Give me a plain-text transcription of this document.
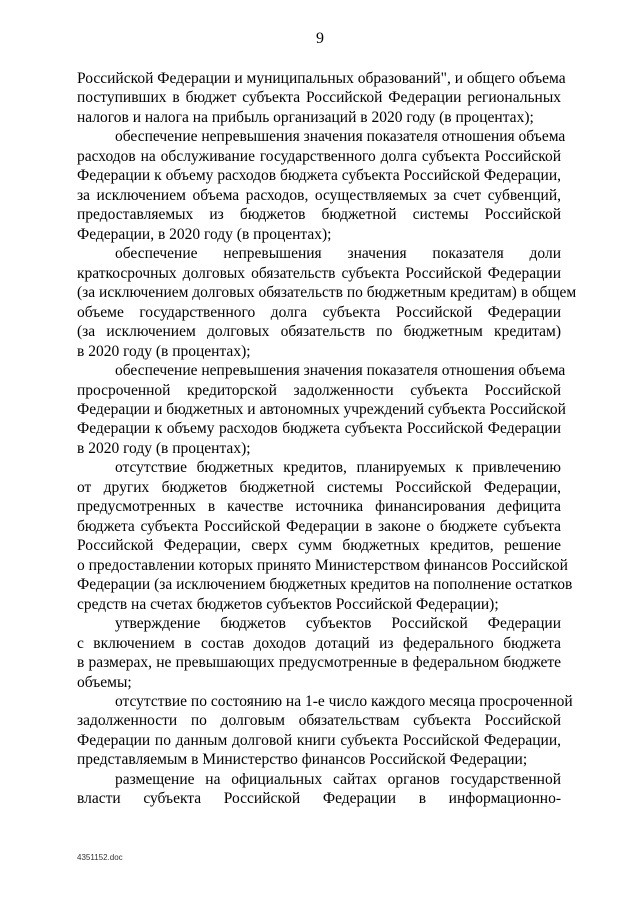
9
Российской Федерации и муниципальных образований", и общего объема
поступивших в бюджет субъекта Российской Федерации региональных
налогов и налога на прибыль организаций в 2020 году (в процентах);
обеспечение непревышения значения показателя отношения объема
расходов на обслуживание государственного долга субъекта Российской
Федерации к объему расходов бюджета субъекта Российской Федерации,
за исключением объема расходов, осуществляемых за счет субвенций,
предоставляемых из бюджетов бюджетной системы Российской
Федерации, в 2020 году (в процентах);
обеспечение непревышения значения показателя доли
краткосрочных долговых обязательств субъекта Российской Федерации
(за исключением долговых обязательств по бюджетным кредитам) в общем
объеме государственного долга субъекта Российской Федерации
(за исключением долговых обязательств по бюджетным кредитам)
в 2020 году (в процентах);
обеспечение непревышения значения показателя отношения объема
просроченной кредиторской задолженности субъекта Российской
Федерации и бюджетных и автономных учреждений субъекта Российской
Федерации к объему расходов бюджета субъекта Российской Федерации
в 2020 году (в процентах);
отсутствие бюджетных кредитов, планируемых к привлечению
от других бюджетов бюджетной системы Российской Федерации,
предусмотренных в качестве источника финансирования дефицита
бюджета субъекта Российской Федерации в законе о бюджете субъекта
Российской Федерации, сверх сумм бюджетных кредитов, решение
о предоставлении которых принято Министерством финансов Российской
Федерации (за исключением бюджетных кредитов на пополнение остатков
средств на счетах бюджетов субъектов Российской Федерации);
утверждение бюджетов субъектов Российской Федерации
с включением в состав доходов дотаций из федерального бюджета
в размерах, не превышающих предусмотренные в федеральном бюджете
объемы;
отсутствие по состоянию на 1-е число каждого месяца просроченной
задолженности по долговым обязательствам субъекта Российской
Федерации по данным долговой книги субъекта Российской Федерации,
представляемым в Министерство финансов Российской Федерации;
размещение на официальных сайтах органов государственной
власти субъекта Российской Федерации в информационно-
4351152.doc
